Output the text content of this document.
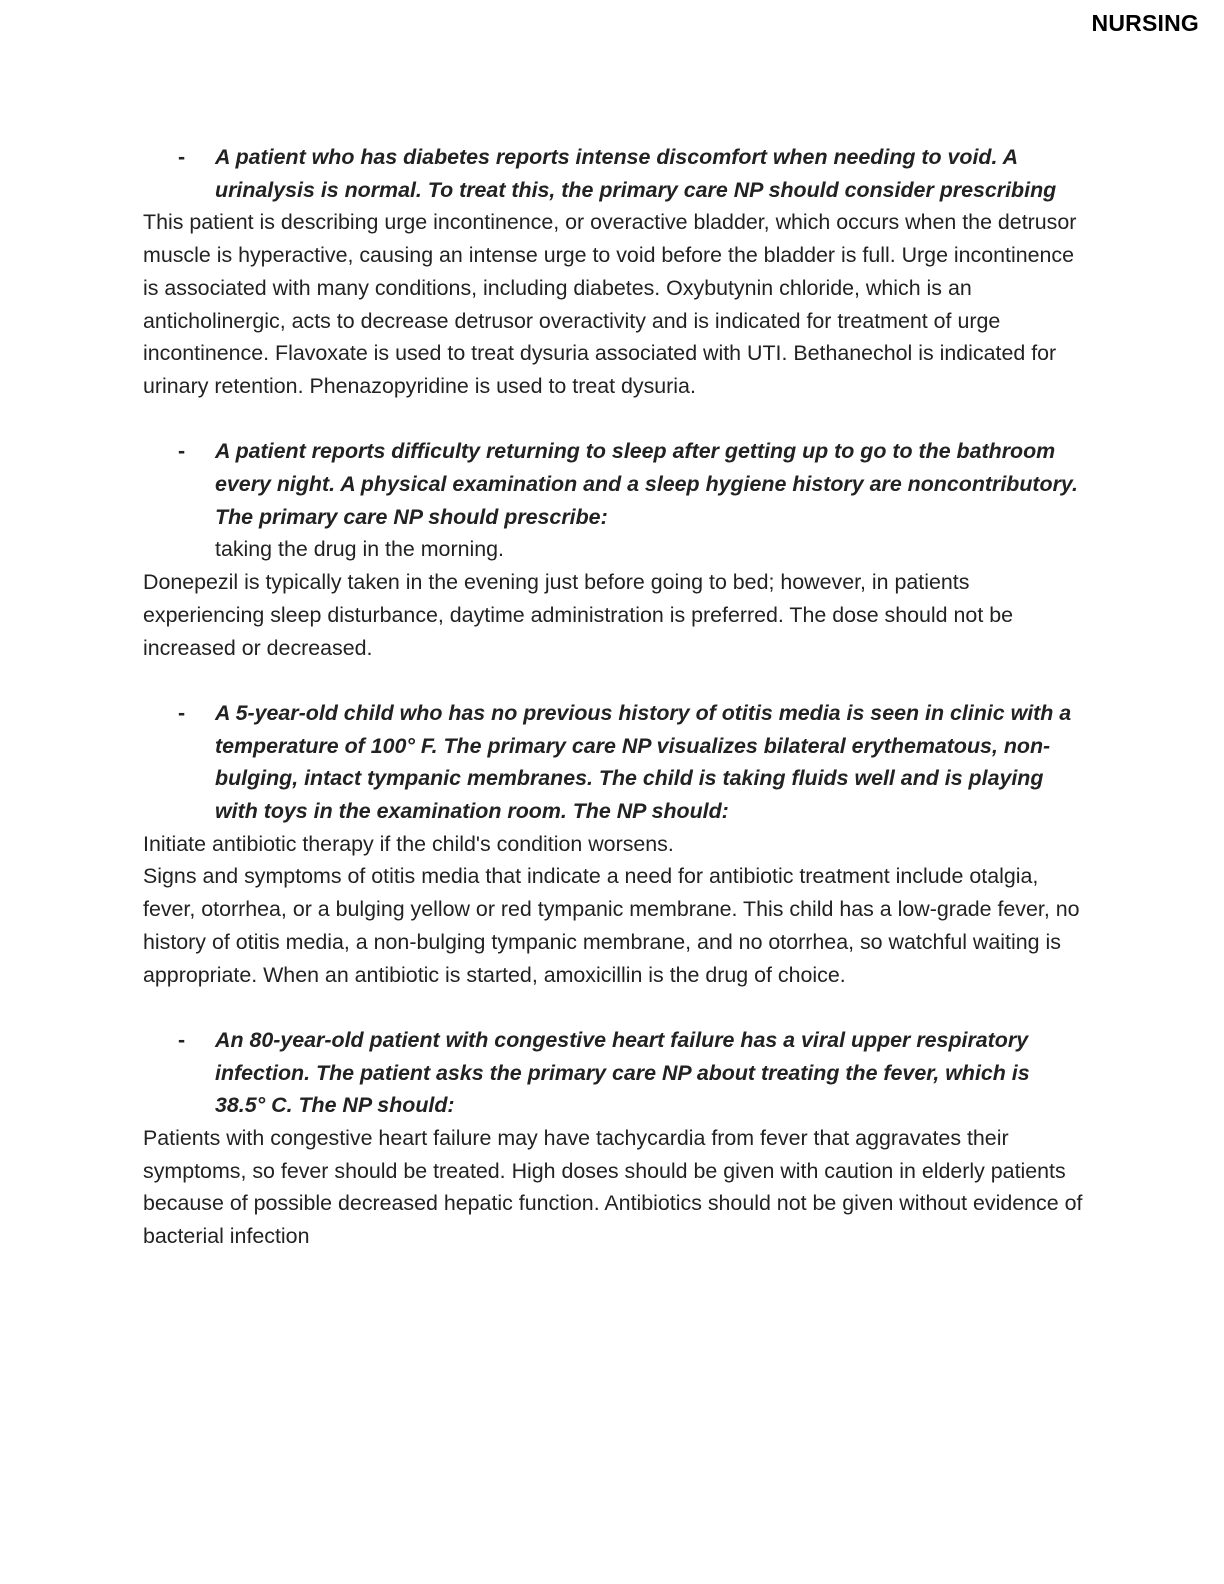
NURSING
- A patient who has diabetes reports intense discomfort when needing to void. A urinalysis is normal. To treat this, the primary care NP should consider prescribing

This patient is describing urge incontinence, or overactive bladder, which occurs when the detrusor muscle is hyperactive, causing an intense urge to void before the bladder is full. Urge incontinence is associated with many conditions, including diabetes. Oxybutynin chloride, which is an anticholinergic, acts to decrease detrusor overactivity and is indicated for treatment of urge incontinence. Flavoxate is used to treat dysuria associated with UTI. Bethanechol is indicated for urinary retention. Phenazopyridine is used to treat dysuria.

- A patient reports difficulty returning to sleep after getting up to go to the bathroom every night. A physical examination and a sleep hygiene history are noncontributory. The primary care NP should prescribe:
taking the drug in the morning.

Donepezil is typically taken in the evening just before going to bed; however, in patients experiencing sleep disturbance, daytime administration is preferred. The dose should not be increased or decreased.

- A 5-year-old child who has no previous history of otitis media is seen in clinic with a temperature of 100° F. The primary care NP visualizes bilateral erythematous, non-bulging, intact tympanic membranes. The child is taking fluids well and is playing with toys in the examination room. The NP should:
Initiate antibiotic therapy if the child's condition worsens.

Signs and symptoms of otitis media that indicate a need for antibiotic treatment include otalgia, fever, otorrhea, or a bulging yellow or red tympanic membrane. This child has a low-grade fever, no history of otitis media, a non-bulging tympanic membrane, and no otorrhea, so watchful waiting is appropriate. When an antibiotic is started, amoxicillin is the drug of choice.

- An 80-year-old patient with congestive heart failure has a viral upper respiratory infection. The patient asks the primary care NP about treating the fever, which is 38.5° C. The NP should:

Patients with congestive heart failure may have tachycardia from fever that aggravates their symptoms, so fever should be treated. High doses should be given with caution in elderly patients because of possible decreased hepatic function. Antibiotics should not be given without evidence of bacterial infection
